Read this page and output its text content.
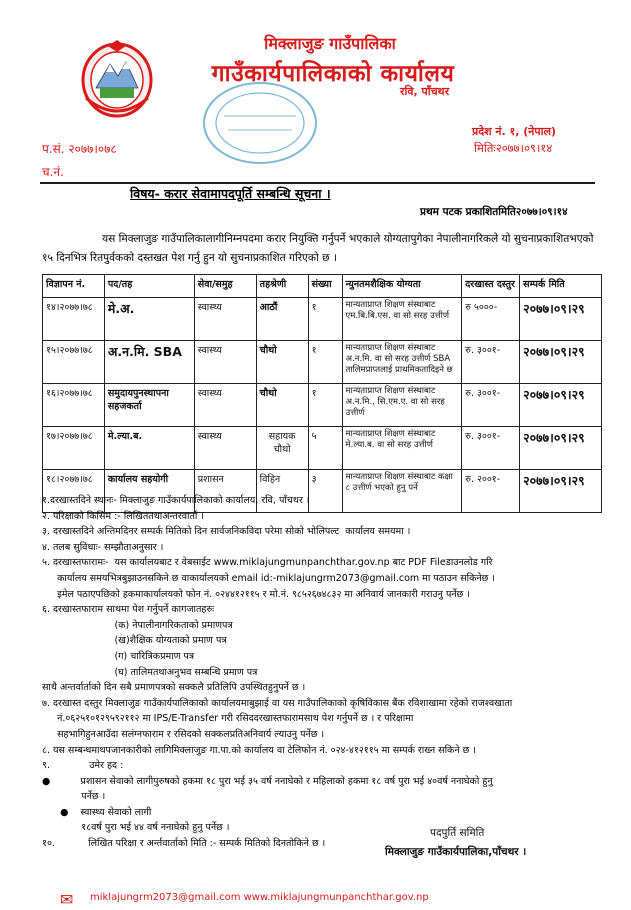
मिक्लाजुङ गाउँपालिका
गाउँकार्यपालिकाको कार्यालय
रवि, पाँचथर
प्रदेश नं. १, (नेपाल)
मितिः२०७७।०९।१४
प.सं. २०७७।०७८
च.नं.
विषय- करार सेवामापदपूर्ति सम्बन्धि सूचना ।
प्रथम पटक प्रकाशितमिति२०७७।०९।१४
यस मिक्लाजुङ गाउँपालिकालागीनिम्नपदमा करार नियुक्ति गर्नुपर्ने भएकाले योग्यतापुगेका नेपालीनागरिकले यो सुचनाप्रकाशितभएको १५ दिनभित्र रितपुर्वकको दस्तखत पेश गर्नु हुन यो सुचनाप्रकाशित गरिएको छ ।
विज्ञापन नं.	पद/तह	सेवा/समुह	तहश्रेणी	संख्या	न्युनतमशैक्षिक योग्यता	दरखास्त दस्तुर	सम्पर्क मिति
१४।२०७७।७८	मे.अ.	स्वास्थ्य	आठौं	१	मान्यताप्राप्त शिक्षण संस्थाबाट एम.बि.बि.एस. वा सो सरह उत्तीर्ण	रु ५०००-	२०७७।०९।२९
१५।२०७७।७८	अ.न.मि. SBA	स्वास्थ्य	चौथो	१	मान्यताप्राप्त शिक्षण संस्थाबाट अ.न.मि. वा सो सरह उत्तीर्ण SBA तालिमप्राप्तलाई प्राथमिकतादिइने छ	रु. ३००१-	२०७७।०९।२९
१६।२०७७।७८	समुदायपुनस्थापना सहजकर्ता	स्वास्थ्य	चौथो	१	मान्यताप्राप्त शिक्षण संस्थाबाट अ.न.मि., सि.एम.ए. वा सो सरह उत्तीर्ण	रु. ३००१-	२०७७।०९।२९
१७।२०७७।७८	मे.ल्या.ब.	स्वास्थ्य	सहायक चौथो	५	मान्यताप्राप्त शिक्षण संस्थाबाट मे.ल्या.ब. वा सो सरह उत्तीर्ण	रु. ३००१-	२०७७।०९।२९
१८।२०७७।७८	कार्यालय सहयोगी	प्रशासन	विहिन	३	मान्यताप्राप्त शिक्षण संस्थाबाट कक्षा ८ उत्तीर्ण भएको हुनु पर्ने	रु. २००१-	२०७७।०९।२९
१.दरखास्तदिने स्थानः- मिक्लाजुङ गाउँकार्यपालिकाको कार्यालय, रवि, पाँचथर ।
२. परिक्षाको किसिम :- लिखिततथाअन्तरवार्ता ।
३. दरखास्तदिने अन्तिमदिनर सम्पर्क मितिको दिन सार्वजनिकविदा परेमा सोको भोलिपल्ट  कार्यालय समयमा ।
४. तलब सुविधाः- सम्झौताअनुसार ।
५. दरखास्तफारामः-  यस कार्यालयबाट र वेबसाईट www.miklajungmunpanchthar.gov.np बाट PDF Fileडाउनलोड गरि
कार्यालय समयभित्रबुझाउनसकिने छ वाकार्यालयको email id:-miklajungrm2073@gmail.com मा पठाउन सकिनेछ ।
इमेल पठाएपछिको हकमाकार्यालयको फोन नं. ०२४४१२११५ र मो.नं. ९८५२६७४८३२ मा अनिवार्य जानकारी गराउनु पर्नेछ ।
६. दरखास्तफाराम साथमा पेश गर्नुपर्ने कागजातहरुः
(क) नेपालीनागरिकताको प्रमाणपत्र
(ख)शैक्षिक योग्यताको प्रमाण पत्र
(ग) चारित्रिकप्रमाण पत्र
(घ) तालिमतथाअनुभव सम्बन्धि प्रमाण पत्र
साथै अन्तर्वार्ताको दिन सबै प्रमाणपत्रको सक्कलै प्रतिलिपि उपस्थितहुनुपर्ने छ ।
७. दरखास्त दस्तुर मिक्लाजुङ गाउँकार्यपालिकाको कार्यालयमाबुझाई वा यस गाउँपालिकाको कृषिविकास बैंक रविशाखामा रहेको राजश्वखाता
नं.०६२५१०१२९५९२११२ मा IPS/E-Transfer गरी रसिददरखास्तफारामसाथ पेश गर्नुपर्ने छ । र परिक्षामा
सहभागिहुनआउँदा सलंग्नफाराम र रसिदको सक्कलप्रतिअनिवार्य ल्याउनु पर्नेछ ।
८. यस सम्बन्धमाथपजानकारीको लागिमिक्लाजुङ गा.पा.को कार्यालय वा टेलिफोन नं. ०२४-४१२११५ मा सम्पर्क राख्न सकिने छ ।
९.             उमेर हद :
●          प्रशासन सेवाको लागीपुरुषको हकमा १८ पुरा भई ३५ वर्ष ननाघेको र महिलाको हकमा १८ वर्ष पुरा भई ४०वर्ष ननाघेको हुनु
पर्नेछ ।
●    स्वास्थ्य सेवाको लागी
१८वर्ष पुरा भई ४४ वर्ष ननाघेको हुनु पर्नेछ ।
१०.           लिखित परिक्षा र अर्न्तवार्ताको मिति :- सम्पर्क मितिको दिनतोकिने छ ।
पदपुर्ति समिति
मिक्लाजुङ गाउँकार्यपालिका,पाँचथर ।
✉ miklajungrm2073@gmail.com www.miklajungmunpanchthar.gov.np
